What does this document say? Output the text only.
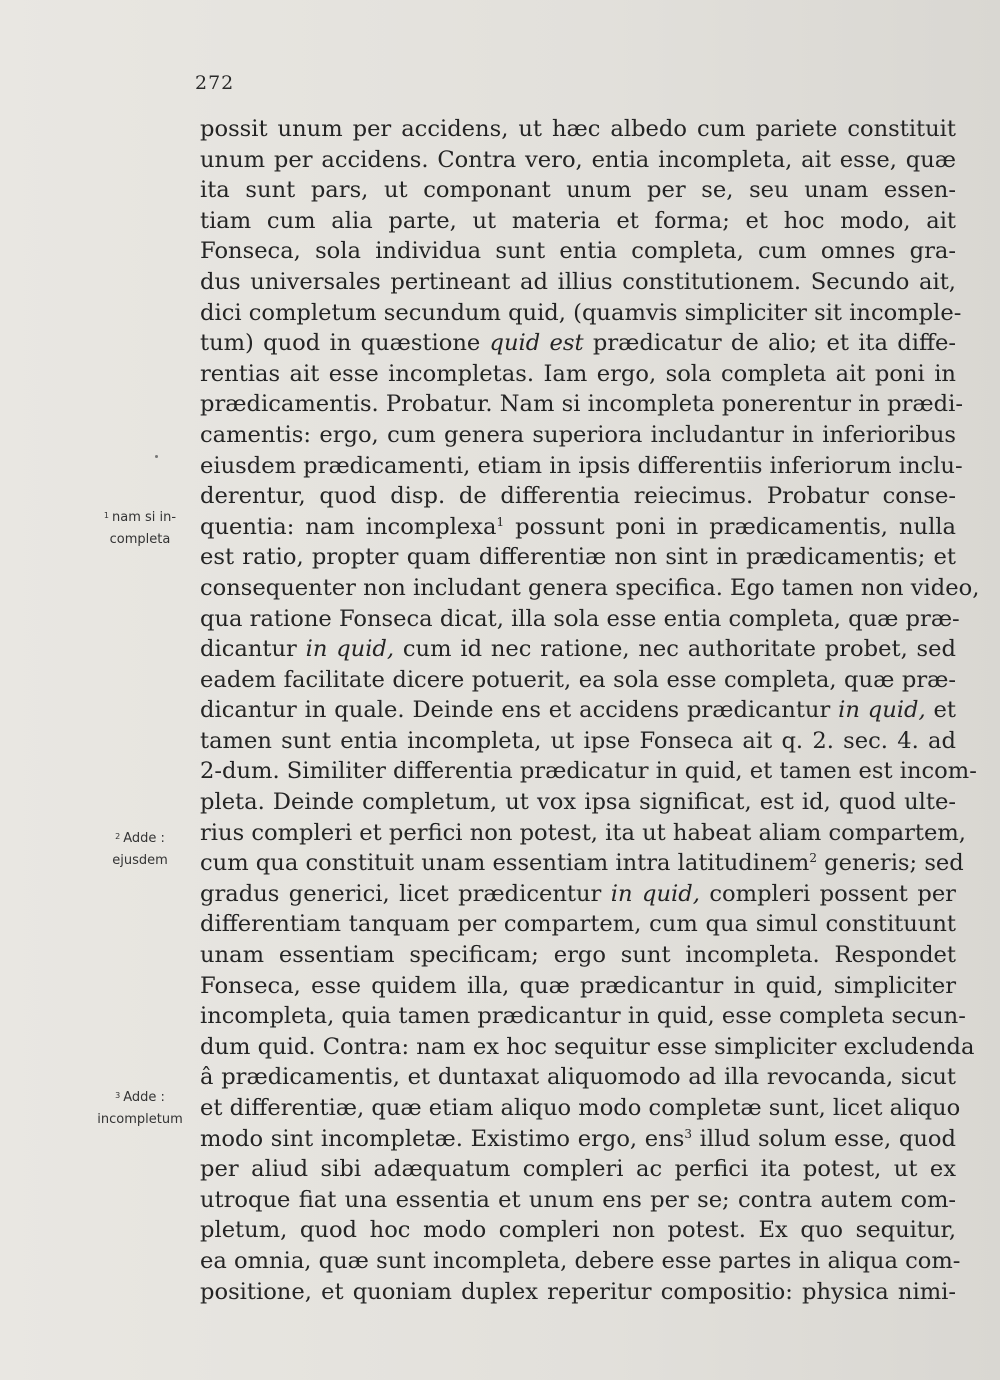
272
possit unum per accidens, ut hæc albedo cum pariete constituit
unum per accidens. Contra vero, entia incompleta, ait esse, quæ
ita sunt pars, ut componant unum per se, seu unam essen-
tiam cum alia parte, ut materia et forma; et hoc modo, ait
Fonseca, sola individua sunt entia completa, cum omnes gra-
dus universales pertineant ad illius constitutionem. Secundo ait,
dici completum secundum quid, (quamvis simpliciter sit incomple-
tum) quod in quæstione quid est prædicatur de alio; et ita diffe-
rentias ait esse incompletas. Iam ergo, sola completa ait poni in
prædicamentis. Probatur. Nam si incompleta ponerentur in prædi-
camentis: ergo, cum genera superiora includantur in inferioribus
eiusdem prædicamenti, etiam in ipsis differentiis inferiorum inclu-
derentur, quod disp. de differentia reiecimus. Probatur conse-
quentia: nam incomplexa$^1$ possunt poni in prædicamentis, nulla
est ratio, propter quam differentiæ non sint in prædicamentis; et
consequenter non includant genera specifica. Ego tamen non video,
qua ratione Fonseca dicat, illa sola esse entia completa, quæ præ-
dicantur in quid, cum id nec ratione, nec authoritate probet, sed
eadem facilitate dicere potuerit, ea sola esse completa, quæ præ-
dicantur in quale. Deinde ens et accidens prædicantur in quid, et
tamen sunt entia incompleta, ut ipse Fonseca ait q. 2. sec. 4. ad
2-dum. Similiter differentia prædicatur in quid, et tamen est incom-
pleta. Deinde completum, ut vox ipsa significat, est id, quod ulte-
rius compleri et perfici non potest, ita ut habeat aliam compartem,
cum qua constituit unam essentiam intra latitudinem$^2$ generis; sed
gradus generici, licet prædicentur in quid, compleri possent per
differentiam tanquam per compartem, cum qua simul constituunt
unam essentiam specificam; ergo sunt incompleta. Respondet
Fonseca, esse quidem illa, quæ prædicantur in quid, simpliciter
incompleta, quia tamen prædicantur in quid, esse completa secun-
dum quid. Contra: nam ex hoc sequitur esse simpliciter excludenda
â prædicamentis, et duntaxat aliquomodo ad illa revocanda, sicut
et differentiæ, quæ etiam aliquo modo completæ sunt, licet aliquo
modo sint incompletæ. Existimo ergo, ens$^3$ illud solum esse, quod
per aliud sibi adæquatum compleri ac perfici ita potest, ut ex
utroque fiat una essentia et unum ens per se; contra autem com-
pletum, quod hoc modo compleri non potest. Ex quo sequitur,
ea omnia, quæ sunt incompleta, debere esse partes in aliqua com-
positione, et quoniam duplex reperitur compositio: physica nimi-
$^1$ nam si in-
completa
$^2$ Adde :
ejusdem
$^3$ Adde :
incompletum
